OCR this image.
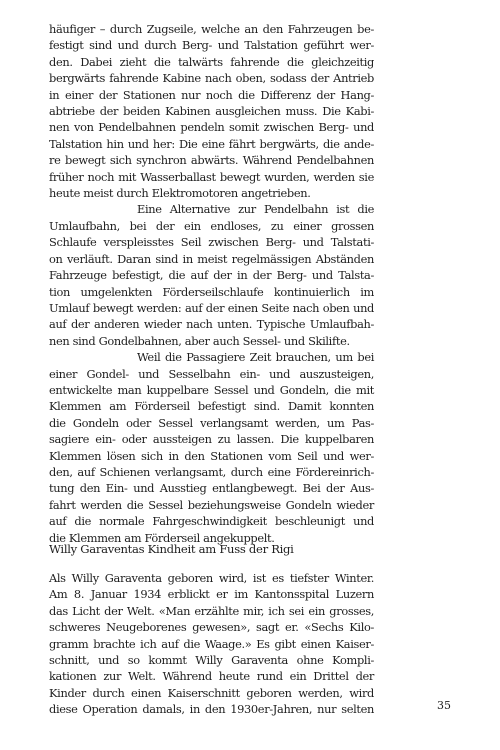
häufiger – durch Zugseile, welche an den Fahrzeugen be-
festigt sind und durch Berg- und Talstation geführt wer-
den. Dabei zieht die talwärts fahrende die gleichzeitig
bergwärts fahrende Kabine nach oben, sodass der Antrieb
in einer der Stationen nur noch die Differenz der Hang-
abtriebe der beiden Kabinen ausgleichen muss. Die Kabi-
nen von Pendelbahnen pendeln somit zwischen Berg- und
Talstation hin und her: Die eine fährt bergwärts, die ande-
re bewegt sich synchron abwärts. Während Pendelbahnen
früher noch mit Wasserballast bewegt wurden, werden sie
heute meist durch Elektromotoren angetrieben.
Eine Alternative zur Pendelbahn ist die
Umlaufbahn, bei der ein endloses, zu einer grossen
Schlaufe verspleisstes Seil zwischen Berg- und Talstati-
on verläuft. Daran sind in meist regelmässigen Abständen
Fahrzeuge befestigt, die auf der in der Berg- und Talsta-
tion umgelenkten Förderseilschlaufe kontinuierlich im
Umlauf bewegt werden: auf der einen Seite nach oben und
auf der anderen wieder nach unten. Typische Umlaufbah-
nen sind Gondelbahnen, aber auch Sessel- und Skilifte.
Weil die Passagiere Zeit brauchen, um bei
einer Gondel- und Sesselbahn ein- und auszusteigen,
entwickelte man kuppelbare Sessel und Gondeln, die mit
Klemmen am Förderseil befestigt sind. Damit konnten
die Gondeln oder Sessel verlangsamt werden, um Pas-
sagiere ein- oder aussteigen zu lassen. Die kuppelbaren
Klemmen lösen sich in den Stationen vom Seil und wer-
den, auf Schienen verlangsamt, durch eine Fördereinrich-
tung den Ein- und Ausstieg entlangbewegt. Bei der Aus-
fahrt werden die Sessel beziehungsweise Gondeln wieder
auf die normale Fahrgeschwindigkeit beschleunigt und
die Klemmen am Förderseil angekuppelt.
Willy Garaventas Kindheit am Fuss der Rigi
Als Willy Garaventa geboren wird, ist es tiefster Winter.
Am 8. Januar 1934 erblickt er im Kantonsspital Luzern
das Licht der Welt. «Man erzählte mir, ich sei ein grosses,
schweres Neugeborenes gewesen», sagt er. «Sechs Kilo-
gramm brachte ich auf die Waage.» Es gibt einen Kaiser-
schnitt, und so kommt Willy Garaventa ohne Kompli-
kationen zur Welt. Während heute rund ein Drittel der
Kinder durch einen Kaiserschnitt geboren werden, wird
diese Operation damals, in den 1930er-Jahren, nur selten	35
